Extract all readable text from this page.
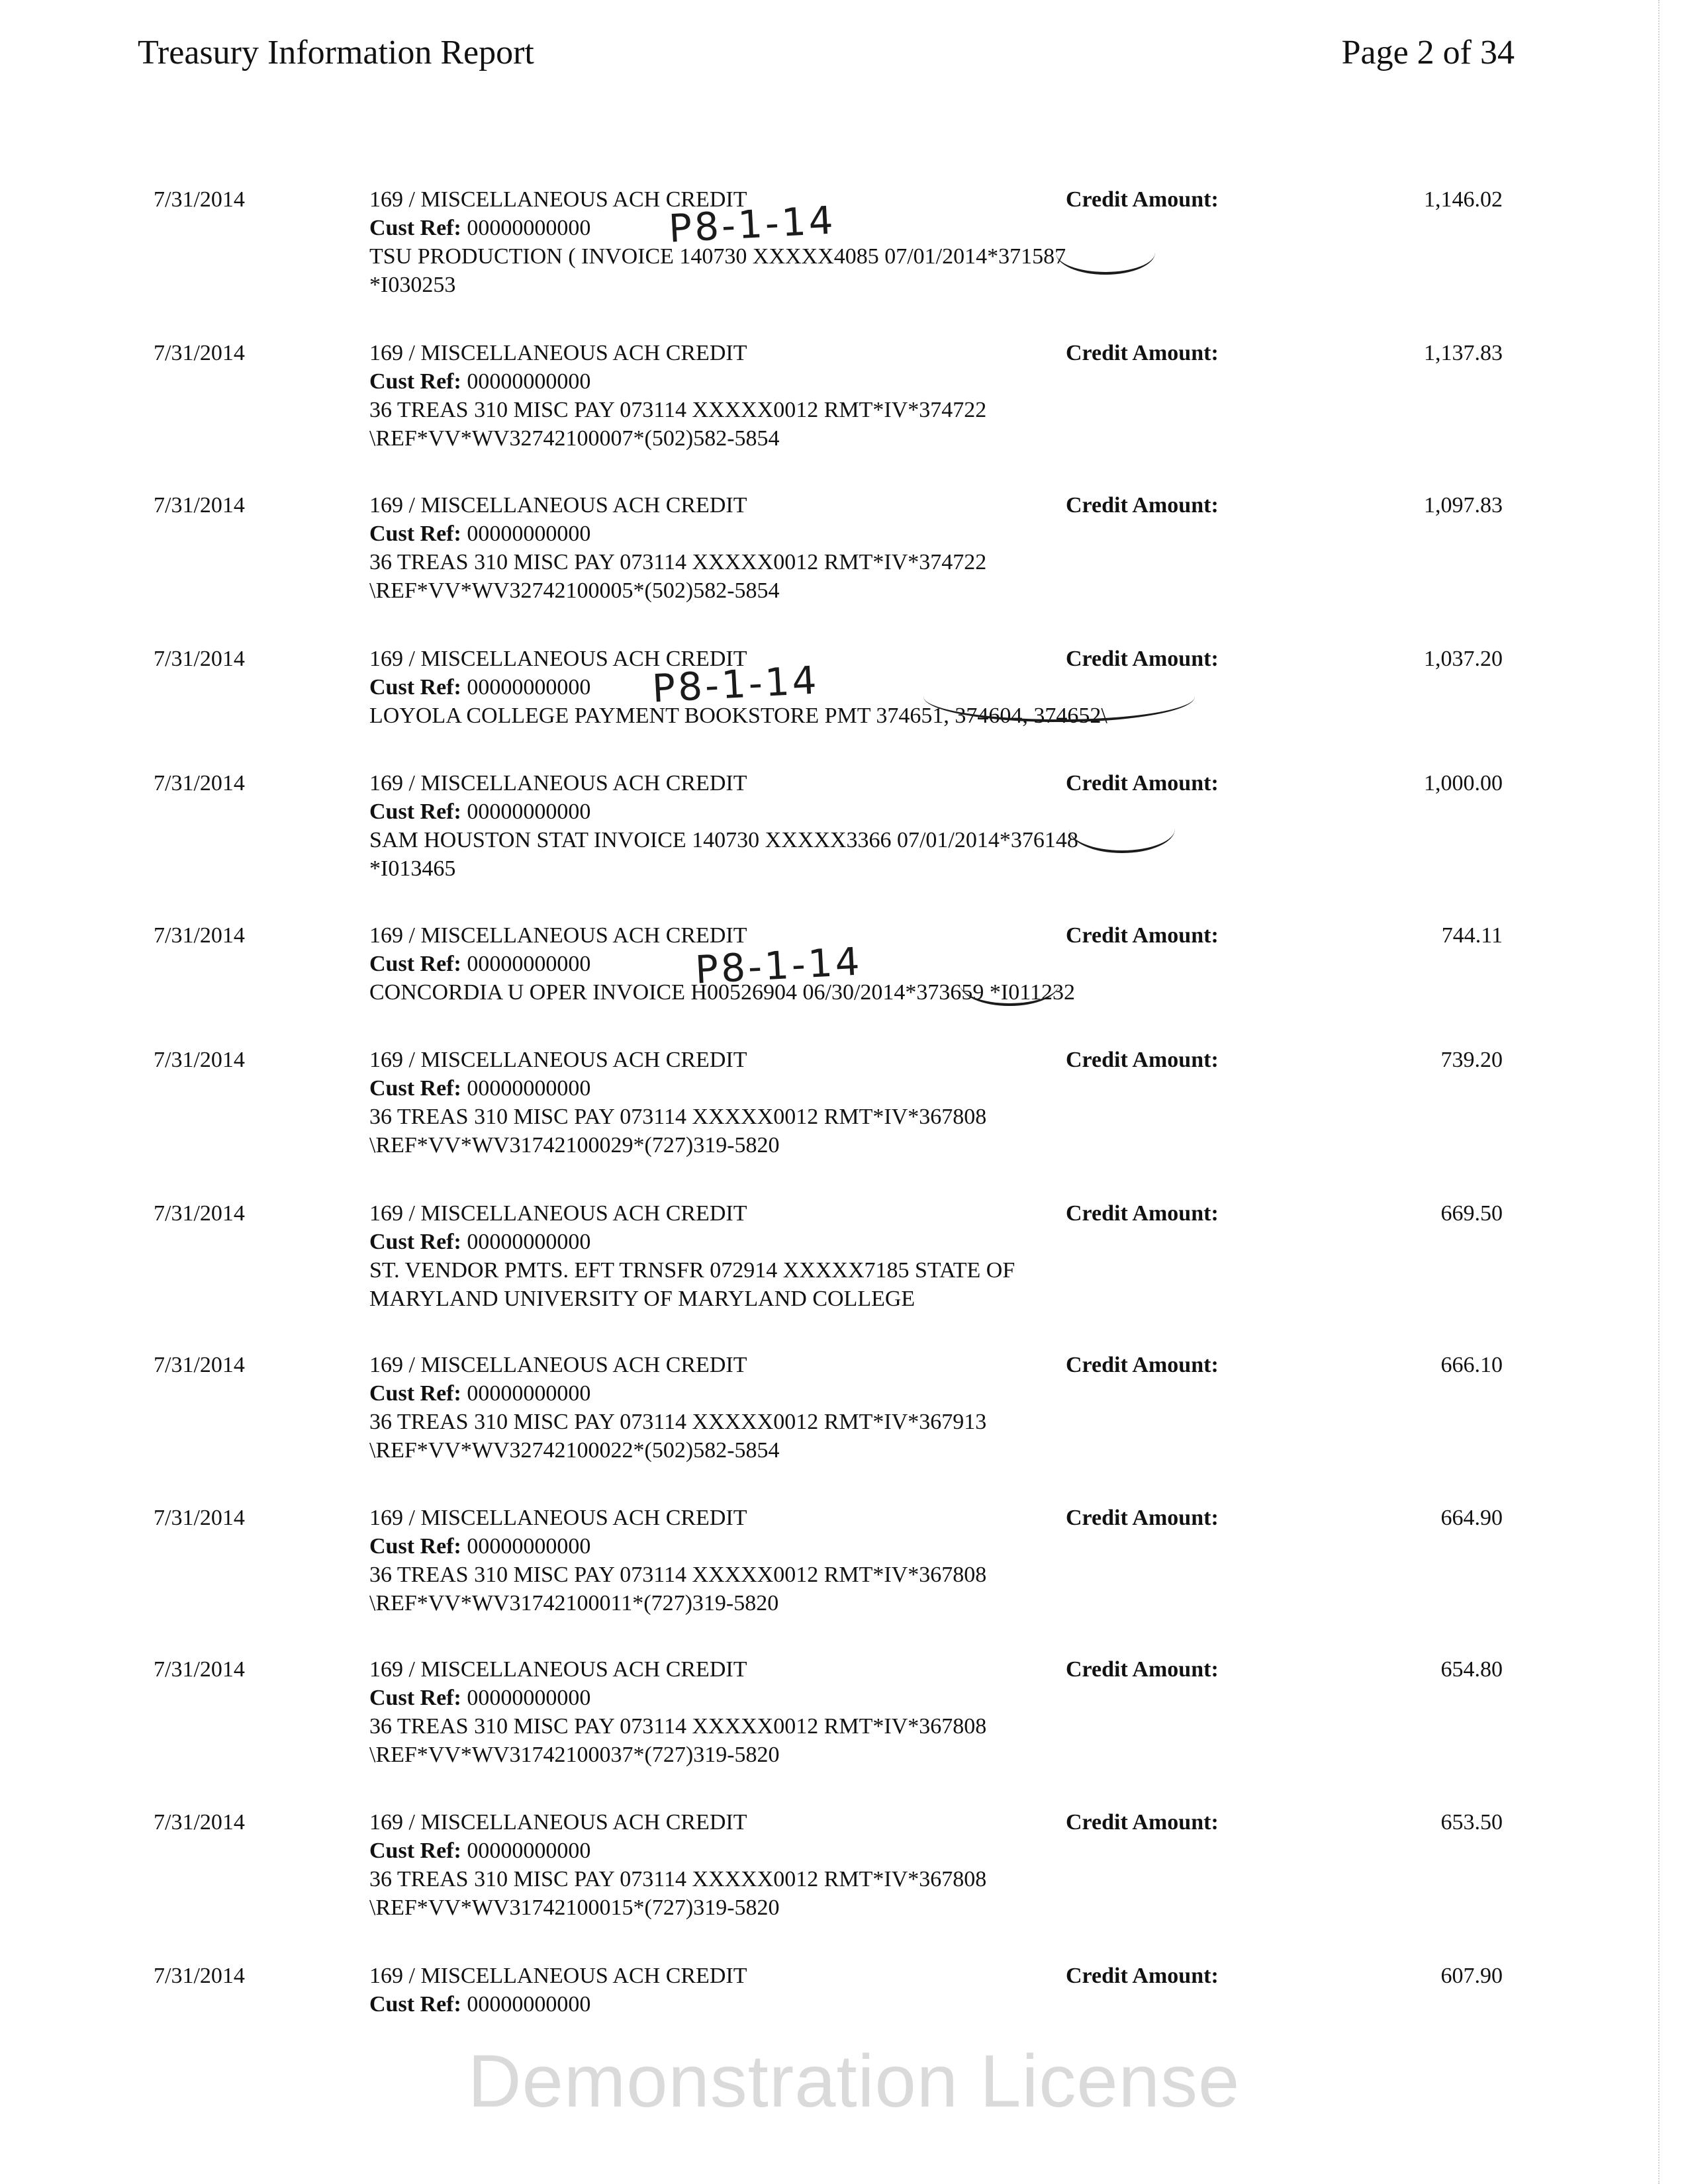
Treasury Information Report	Page 2 of 34
7/31/2014	169 / MISCELLANEOUS ACH CREDIT
Cust Ref: 00000000000
TSU PRODUCTION ( INVOICE 140730 XXXXX4085 07/01/2014*371587
*I030253
Credit Amount:	1,146.02
7/31/2014	169 / MISCELLANEOUS ACH CREDIT
Cust Ref: 00000000000
36 TREAS 310 MISC PAY 073114 XXXXX0012 RMT*IV*374722
\REF*VV*WV32742100007*(502)582-5854
Credit Amount:	1,137.83
7/31/2014	169 / MISCELLANEOUS ACH CREDIT
Cust Ref: 00000000000
36 TREAS 310 MISC PAY 073114 XXXXX0012 RMT*IV*374722
\REF*VV*WV32742100005*(502)582-5854
Credit Amount:	1,097.83
7/31/2014	169 / MISCELLANEOUS ACH CREDIT
Cust Ref: 00000000000
LOYOLA COLLEGE PAYMENT BOOKSTORE PMT 374651, 374604, 374652\
Credit Amount:	1,037.20
7/31/2014	169 / MISCELLANEOUS ACH CREDIT
Cust Ref: 00000000000
SAM HOUSTON STAT INVOICE 140730 XXXXX3366 07/01/2014*376148
*I013465
Credit Amount:	1,000.00
7/31/2014	169 / MISCELLANEOUS ACH CREDIT
Cust Ref: 00000000000
CONCORDIA U OPER INVOICE H00526904 06/30/2014*373659 *I011232
Credit Amount:	744.11
7/31/2014	169 / MISCELLANEOUS ACH CREDIT
Cust Ref: 00000000000
36 TREAS 310 MISC PAY 073114 XXXXX0012 RMT*IV*367808
\REF*VV*WV31742100029*(727)319-5820
Credit Amount:	739.20
7/31/2014	169 / MISCELLANEOUS ACH CREDIT
Cust Ref: 00000000000
ST. VENDOR PMTS. EFT TRNSFR 072914 XXXXX7185 STATE OF
MARYLAND UNIVERSITY OF MARYLAND COLLEGE
Credit Amount:	669.50
7/31/2014	169 / MISCELLANEOUS ACH CREDIT
Cust Ref: 00000000000
36 TREAS 310 MISC PAY 073114 XXXXX0012 RMT*IV*367913
\REF*VV*WV32742100022*(502)582-5854
Credit Amount:	666.10
7/31/2014	169 / MISCELLANEOUS ACH CREDIT
Cust Ref: 00000000000
36 TREAS 310 MISC PAY 073114 XXXXX0012 RMT*IV*367808
\REF*VV*WV31742100011*(727)319-5820
Credit Amount:	664.90
7/31/2014	169 / MISCELLANEOUS ACH CREDIT
Cust Ref: 00000000000
36 TREAS 310 MISC PAY 073114 XXXXX0012 RMT*IV*367808
\REF*VV*WV31742100037*(727)319-5820
Credit Amount:	654.80
7/31/2014	169 / MISCELLANEOUS ACH CREDIT
Cust Ref: 00000000000
36 TREAS 310 MISC PAY 073114 XXXXX0012 RMT*IV*367808
\REF*VV*WV31742100015*(727)319-5820
Credit Amount:	653.50
7/31/2014	169 / MISCELLANEOUS ACH CREDIT
Cust Ref: 00000000000
Credit Amount:	607.90
P8-1-14
P8-1-14
P8-1-14
Demonstration License
